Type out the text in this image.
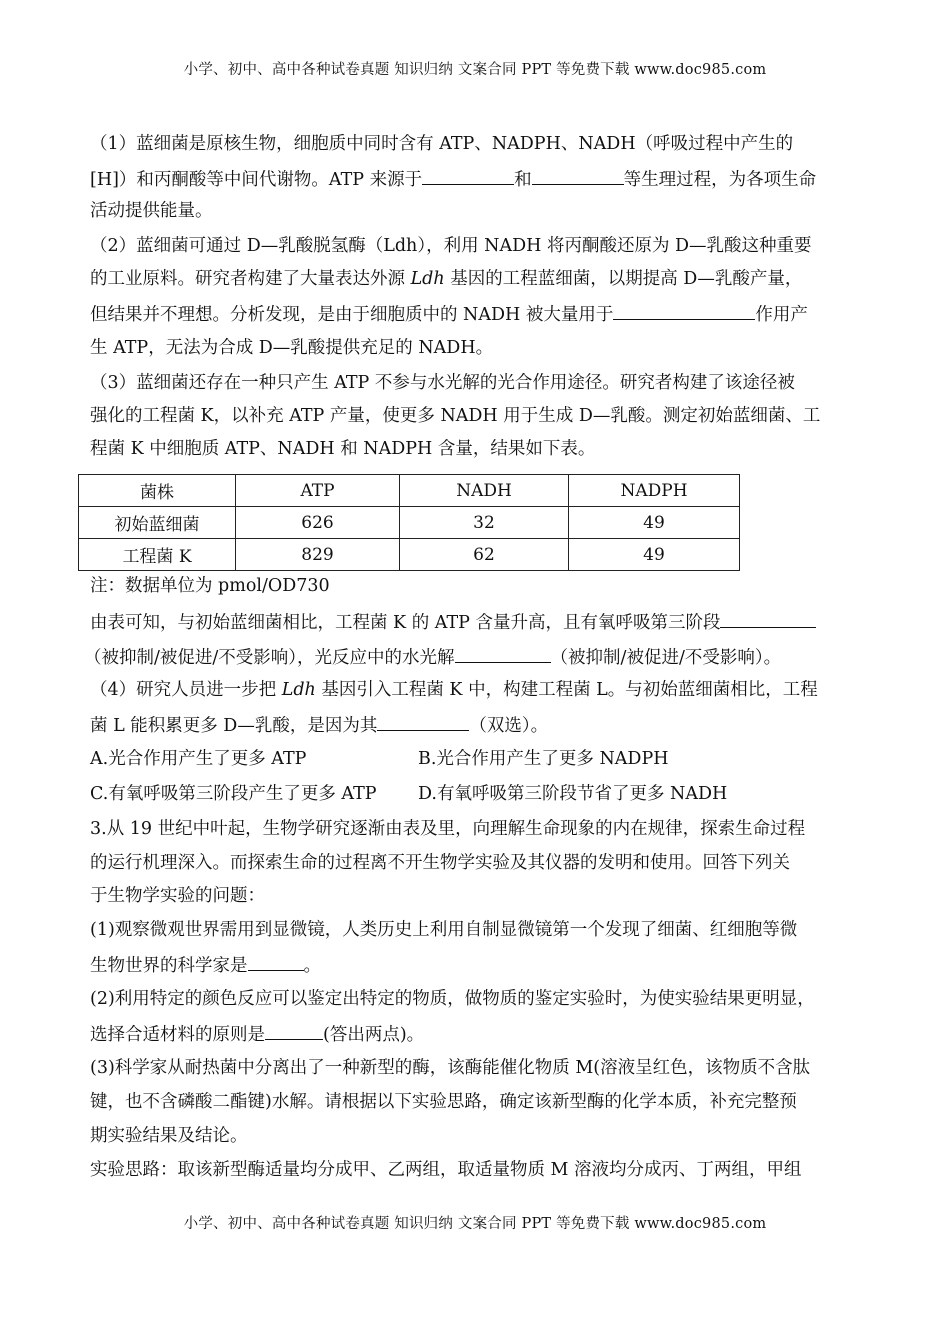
小学、初中、高中各种试卷真题 知识归纳 文案合同 PPT 等免费下载 www.doc985.com
（1）蓝细菌是原核生物，细胞质中同时含有 ATP、NADPH、NADH（呼吸过程中产生的
[H]）和丙酮酸等中间代谢物。ATP 来源于	和	等生理过程，为各项生命
活动提供能量。
（2）蓝细菌可通过 D—乳酸脱氢酶（Ldh），利用 NADH 将丙酮酸还原为 D—乳酸这种重要
的工业原料。研究者构建了大量表达外源 Ldh 基因的工程蓝细菌，以期提高 D—乳酸产量，
但结果并不理想。分析发现，是由于细胞质中的 NADH 被大量用于	作用产
生 ATP，无法为合成 D—乳酸提供充足的 NADH。
（3）蓝细菌还存在一种只产生 ATP 不参与水光解的光合作用途径。研究者构建了该途径被
强化的工程菌 K，以补充 ATP 产量，使更多 NADH 用于生成 D—乳酸。测定初始蓝细菌、工
程菌 K 中细胞质 ATP、NADH 和 NADPH 含量，结果如下表。
菌株	ATP	NADH	NADPH
初始蓝细菌	626	32	49
工程菌 K	829	62	49
注：数据单位为 pmol/OD730
由表可知，与初始蓝细菌相比，工程菌 K 的 ATP 含量升高，且有氧呼吸第三阶段
（被抑制/被促进/不受影响），光反应中的水光解	（被抑制/被促进/不受影响）。
（4）研究人员进一步把 Ldh 基因引入工程菌 K 中，构建工程菌 L。与初始蓝细菌相比，工程
菌 L 能积累更多 D—乳酸，是因为其	（双选）。
A.光合作用产生了更多 ATP	B.光合作用产生了更多 NADPH
C.有氧呼吸第三阶段产生了更多 ATP D.有氧呼吸第三阶段节省了更多 NADH
3.从 19 世纪中叶起，生物学研究逐渐由表及里，向理解生命现象的内在规律，探索生命过程
的运行机理深入。而探索生命的过程离不开生物学实验及其仪器的发明和使用。回答下列关
于生物学实验的问题：
(1)观察微观世界需用到显微镜，人类历史上利用自制显微镜第一个发现了细菌、红细胞等微
生物世界的科学家是	。
(2)利用特定的颜色反应可以鉴定出特定的物质，做物质的鉴定实验时，为使实验结果更明显，
选择合适材料的原则是	(答出两点)。
(3)科学家从耐热菌中分离出了一种新型的酶，该酶能催化物质 M(溶液呈红色，该物质不含肽
键，也不含磷酸二酯键)水解。请根据以下实验思路，确定该新型酶的化学本质，补充完整预
期实验结果及结论。
实验思路：取该新型酶适量均分成甲、乙两组，取适量物质 M 溶液均分成丙、丁两组，甲组
小学、初中、高中各种试卷真题 知识归纳 文案合同 PPT 等免费下载 www.doc985.com
